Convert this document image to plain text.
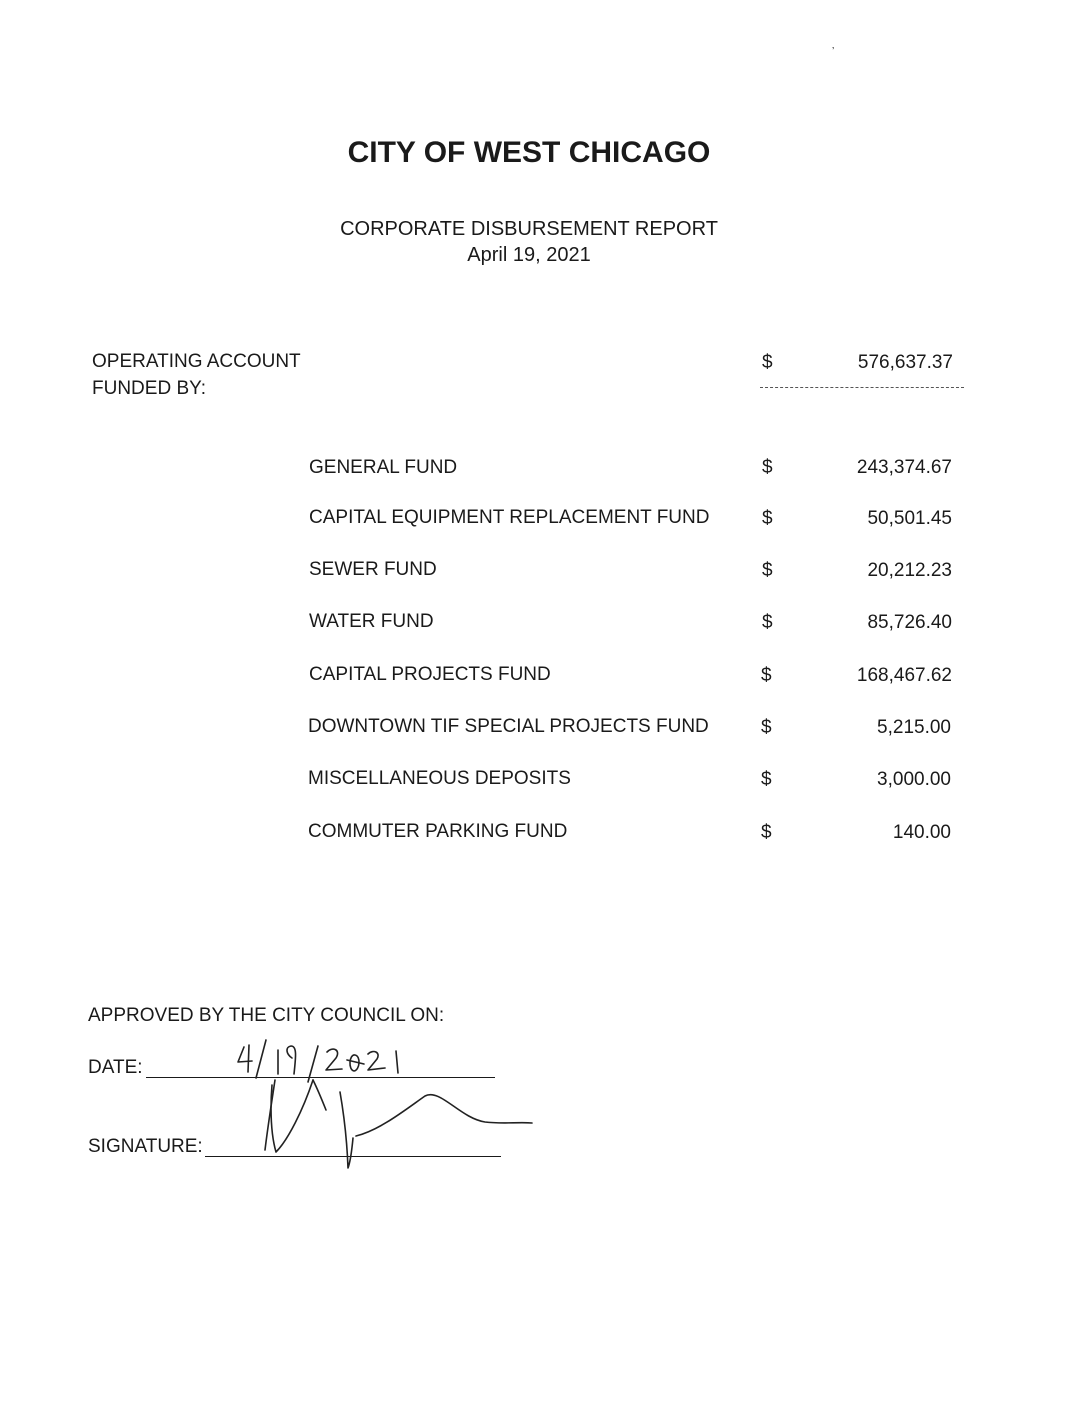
’
CITY OF WEST CHICAGO
CORPORATE DISBURSEMENT REPORT
April 19, 2021
OPERATING ACCOUNT
FUNDED BY:
$	576,637.37
GENERAL FUND	$	243,374.67
CAPITAL EQUIPMENT REPLACEMENT FUND	$	50,501.45
SEWER FUND	$	20,212.23
WATER FUND	$	85,726.40
CAPITAL PROJECTS FUND	$	168,467.62
DOWNTOWN TIF SPECIAL PROJECTS FUND	$	5,215.00
MISCELLANEOUS DEPOSITS	$	3,000.00
COMMUTER PARKING FUND	$	140.00
APPROVED BY THE CITY COUNCIL ON:
DATE:
SIGNATURE:
